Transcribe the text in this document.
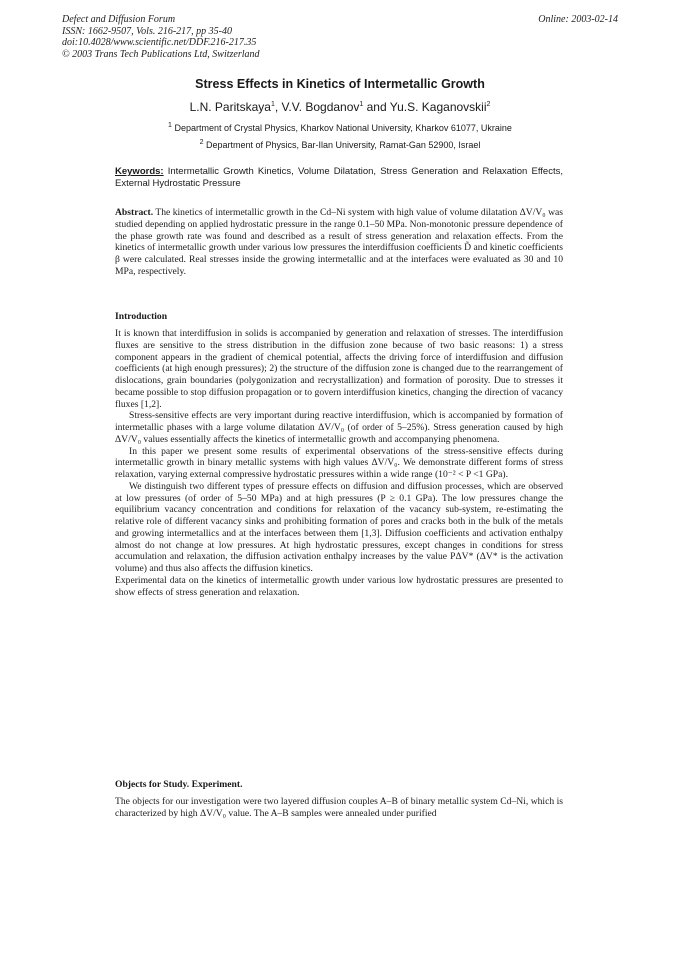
Defect and Diffusion Forum
ISSN: 1662-9507, Vols. 216-217, pp 35-40
doi:10.4028/www.scientific.net/DDF.216-217.35
© 2003 Trans Tech Publications Ltd, Switzerland
Online: 2003-02-14
Stress Effects in Kinetics of Intermetallic Growth
L.N. Paritskaya$^1$, V.V. Bogdanov$^1$ and Yu.S. Kaganovskii$^2$
$^1$ Department of Crystal Physics, Kharkov National University, Kharkov 61077, Ukraine
$^2$ Department of Physics, Bar-Ilan University, Ramat-Gan 52900, Israel
Keywords: Intermetallic Growth Kinetics, Volume Dilatation, Stress Generation and Relaxation Effects, External Hydrostatic Pressure
Abstract. The kinetics of intermetallic growth in the Cd–Ni system with high value of volume dilatation ΔV/V₀ was studied depending on applied hydrostatic pressure in the range 0.1–50 MPa. Non-monotonic pressure dependence of the phase growth rate was found and described as a result of stress generation and relaxation effects. From the kinetics of intermetallic growth under various low pressures the interdiffusion coefficients D̃ and kinetic coefficients β were calculated. Real stresses inside the growing intermetallic and at the interfaces were evaluated as 30 and 10 MPa, respectively.
Introduction

It is known that interdiffusion in solids is accompanied by generation and relaxation of stresses. The interdiffusion fluxes are sensitive to the stress distribution in the diffusion zone because of two basic reasons: 1) a stress component appears in the gradient of chemical potential, affects the driving force of interdiffusion and diffusion coefficients (at high enough pressures); 2) the structure of the diffusion zone is changed due to the rearrangement of dislocations, grain boundaries (polygonization and recrystallization) and formation of porosity. Due to stresses it became possible to stop diffusion propagation or to govern interdiffusion kinetics, changing the direction of vacancy fluxes [1,2].

Stress-sensitive effects are very important during reactive interdiffusion, which is accompanied by formation of intermetallic phases with a large volume dilatation ΔV/V₀ (of order of 5–25%). Stress generation caused by high ΔV/V₀ values essentially affects the kinetics of intermetallic growth and accompanying phenomena.

In this paper we present some results of experimental observations of the stress-sensitive effects during intermetallic growth in binary metallic systems with high values ΔV/V₀. We demonstrate different forms of stress relaxation, varying external compressive hydrostatic pressures within a wide range (10⁻² < P <1 GPa).

We distinguish two different types of pressure effects on diffusion and diffusion processes, which are observed at low pressures (of order of 5–50 MPa) and at high pressures (P ≥ 0.1 GPa). The low pressures change the equilibrium vacancy concentration and conditions for relaxation of the vacancy sub-system, re-estimating the relative role of different vacancy sinks and prohibiting formation of pores and cracks both in the bulk of the metals and growing intermetallics and at the interfaces between them [1,3]. Diffusion coefficients and activation enthalpy almost do not change at low pressures. At high hydrostatic pressures, except changes in conditions for stress accumulation and relaxation, the diffusion activation enthalpy increases by the value PΔV* (ΔV* is the activation volume) and thus also affects the diffusion kinetics.

Experimental data on the kinetics of intermetallic growth under various low hydrostatic pressures are presented to show effects of stress generation and relaxation.

Objects for Study. Experiment.

The objects for our investigation were two layered diffusion couples A–B of binary metallic system Cd–Ni, which is characterized by high ΔV/V₀ value. The A–B samples were annealed under purified
